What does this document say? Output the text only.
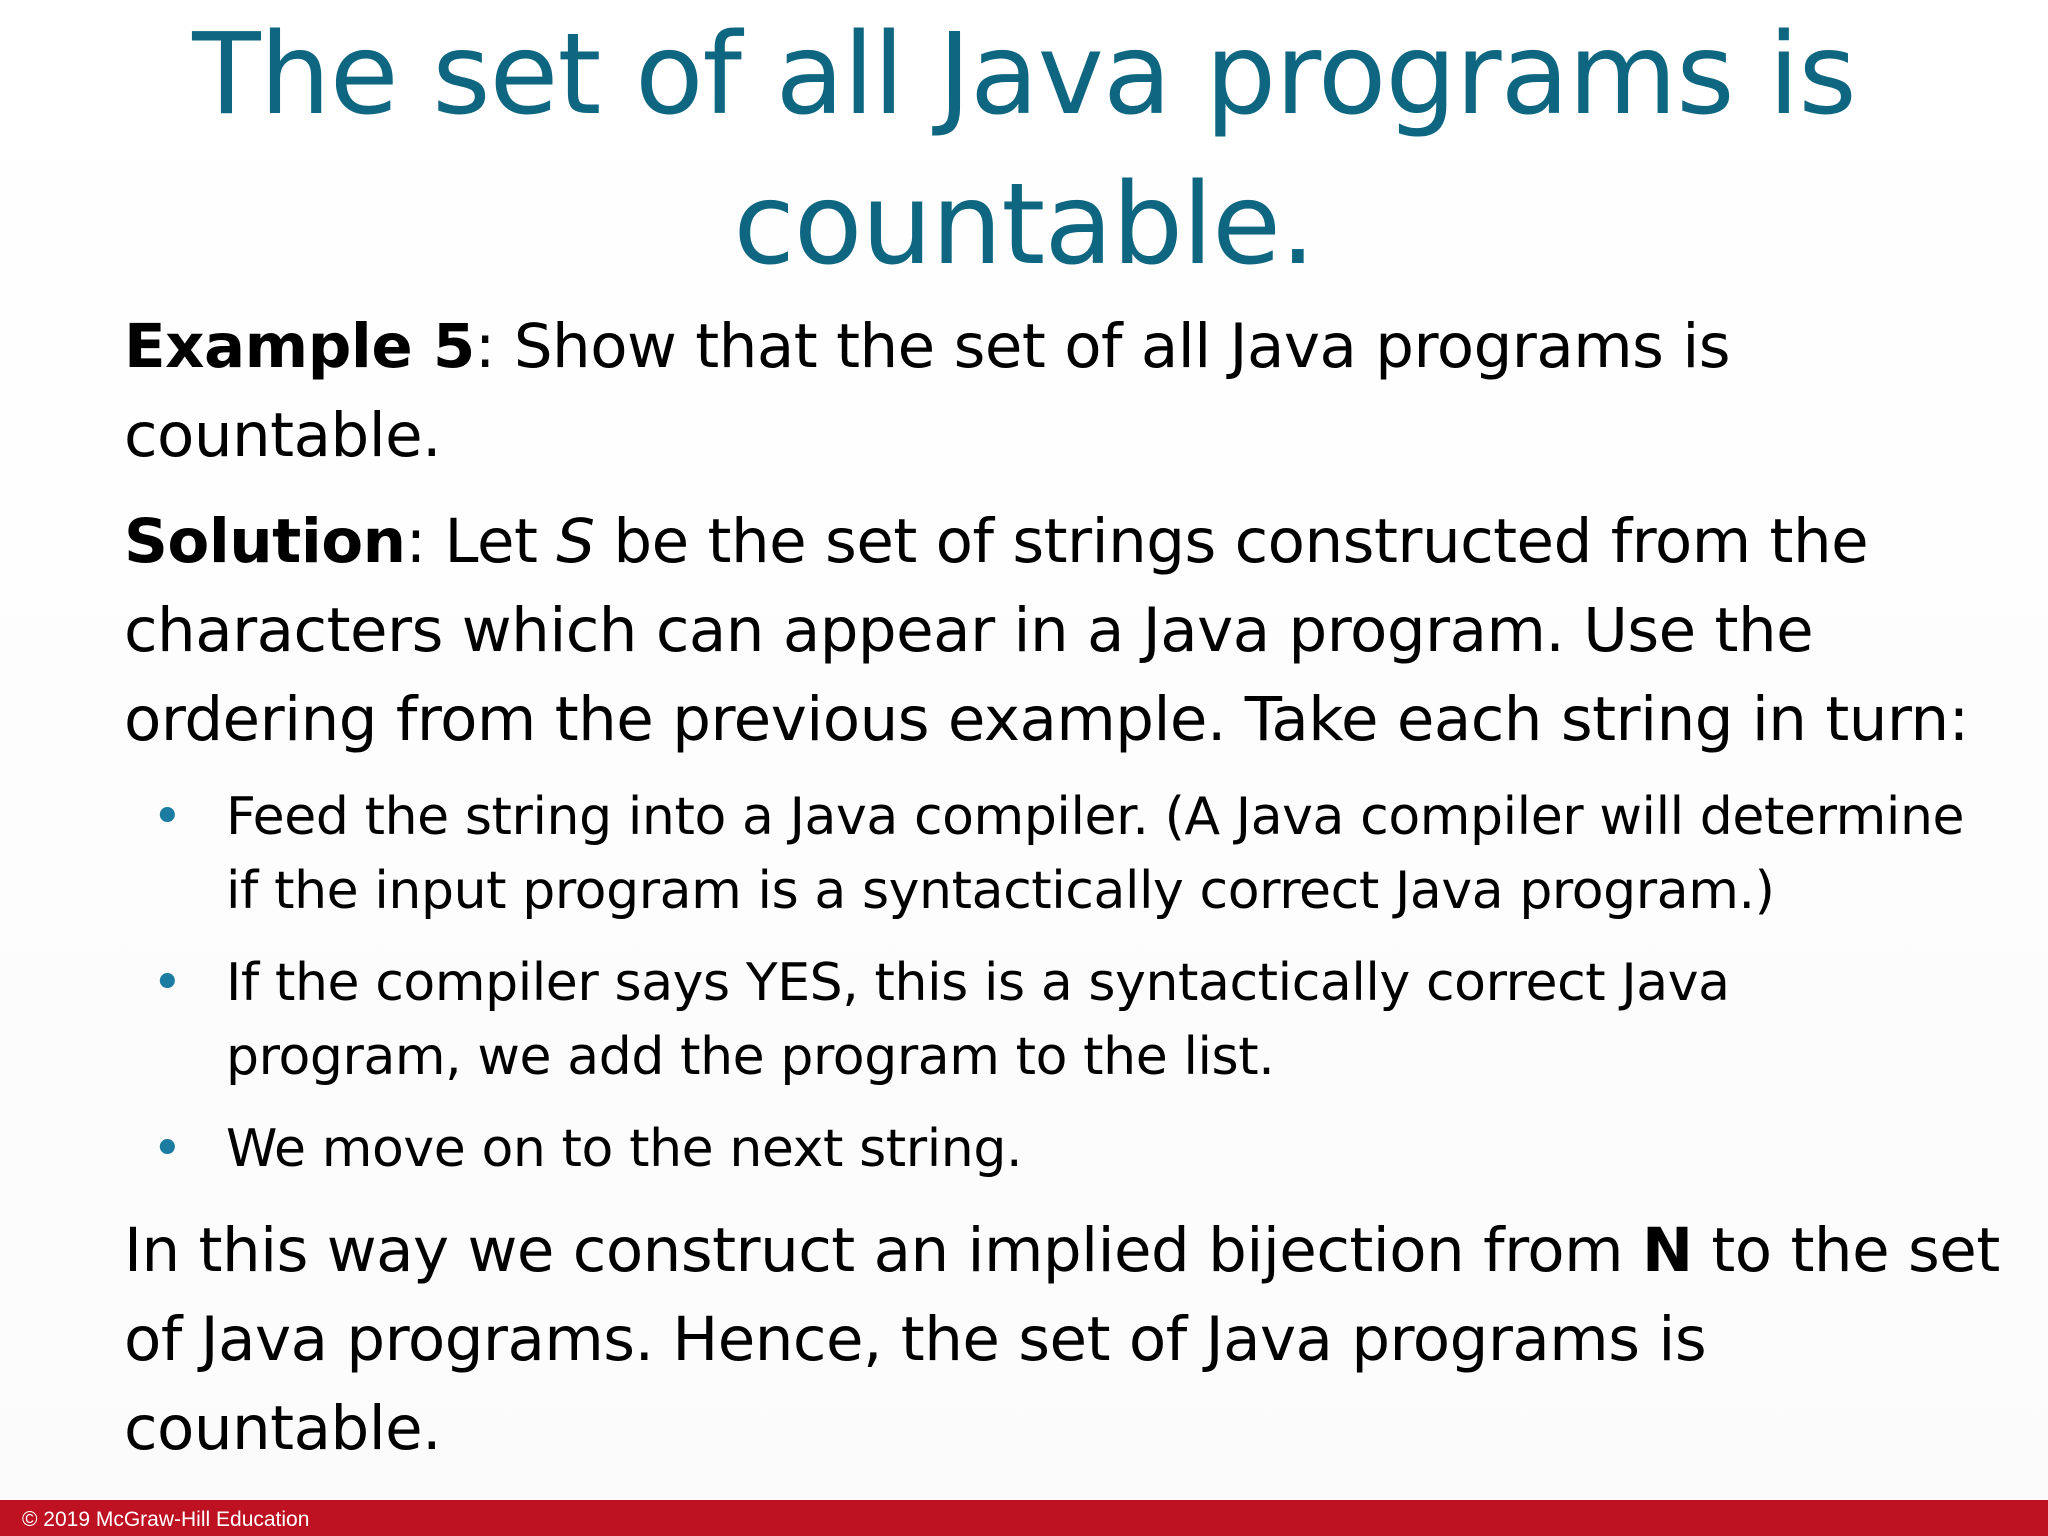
The set of all Java programs is countable.
Example 5: Show that the set of all Java programs is countable.
Solution: Let S be the set of strings constructed from the characters which can appear in a Java program. Use the ordering from the previous example. Take each string in turn:
• Feed the string into a Java compiler. (A Java compiler will determine if the input program is a syntactically correct Java program.)
• If the compiler says YES, this is a syntactically correct Java program, we add the program to the list.
• We move on to the next string.
In this way we construct an implied bijection from N to the set of Java programs. Hence, the set of Java programs is countable.
© 2019 McGraw-Hill Education
